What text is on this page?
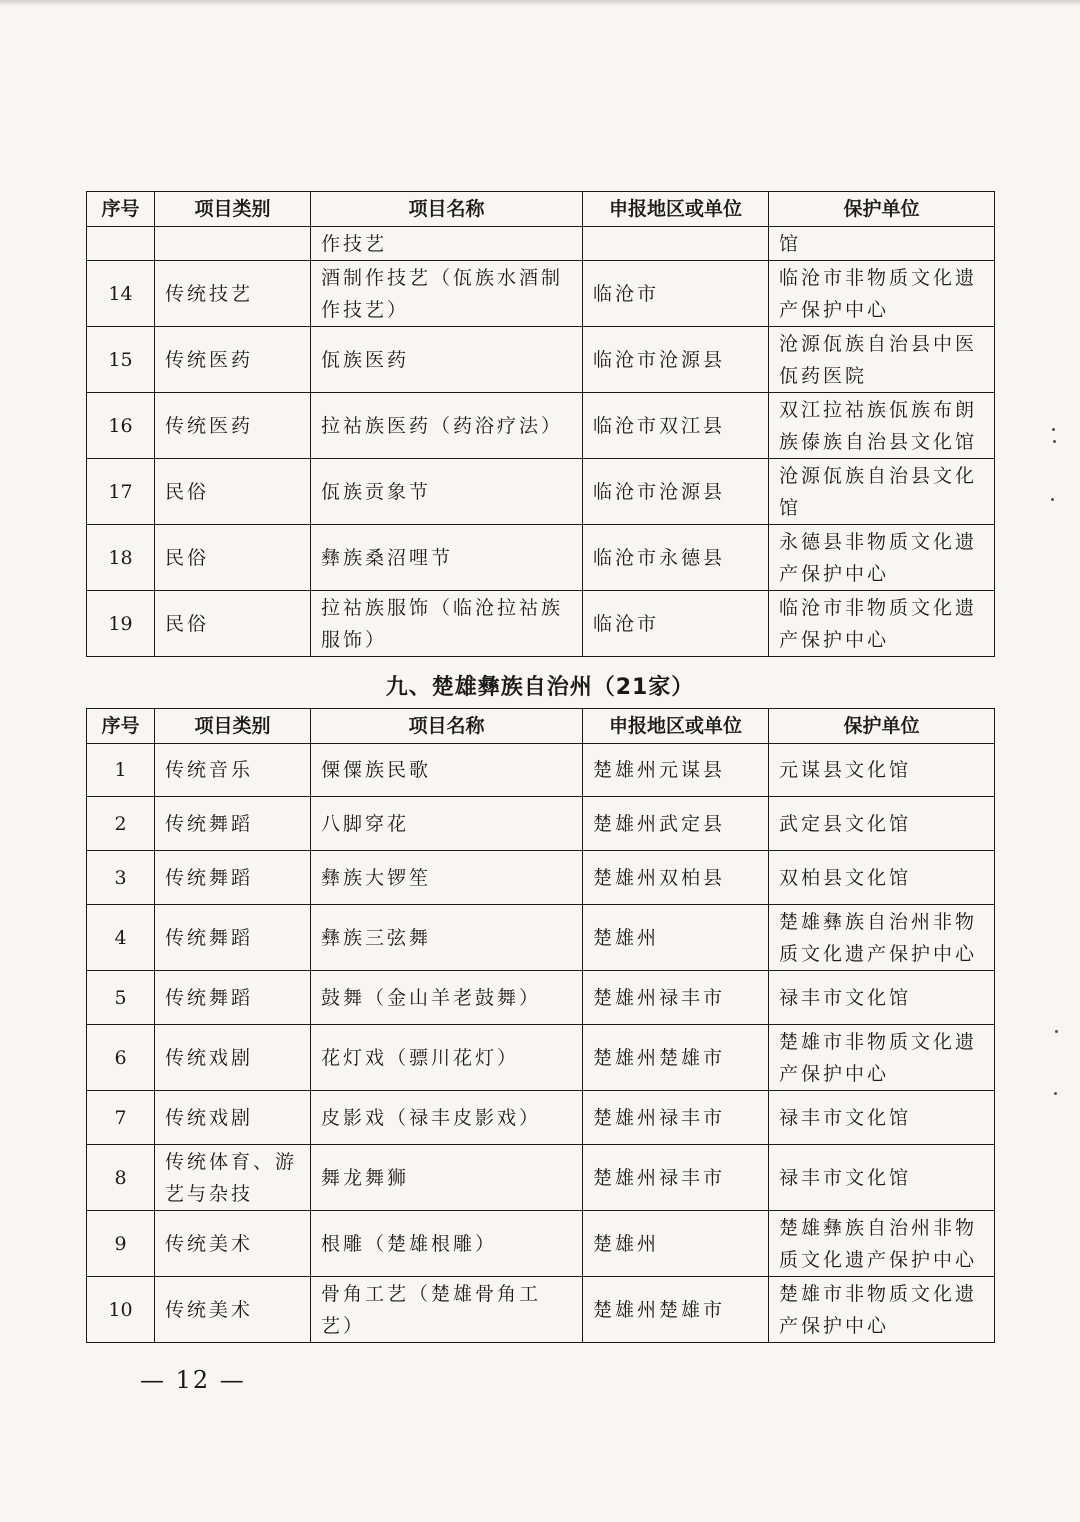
序号	项目类别	项目名称	申报地区或单位	保护单位
		作技艺		馆
14	传统技艺	酒制作技艺（佤族水酒制作技艺）	临沧市	临沧市非物质文化遗产保护中心
15	传统医药	佤族医药	临沧市沧源县	沧源佤族自治县中医佤药医院
16	传统医药	拉祜族医药（药浴疗法）	临沧市双江县	双江拉祜族佤族布朗族傣族自治县文化馆
17	民俗	佤族贡象节	临沧市沧源县	沧源佤族自治县文化馆
18	民俗	彝族桑沼哩节	临沧市永德县	永德县非物质文化遗产保护中心
19	民俗	拉祜族服饰（临沧拉祜族服饰）	临沧市	临沧市非物质文化遗产保护中心
九、楚雄彝族自治州（21家）
序号	项目类别	项目名称	申报地区或单位	保护单位
1	传统音乐	傈僳族民歌	楚雄州元谋县	元谋县文化馆
2	传统舞蹈	八脚穿花	楚雄州武定县	武定县文化馆
3	传统舞蹈	彝族大锣笙	楚雄州双柏县	双柏县文化馆
4	传统舞蹈	彝族三弦舞	楚雄州	楚雄彝族自治州非物质文化遗产保护中心
5	传统舞蹈	鼓舞（金山羊老鼓舞）	楚雄州禄丰市	禄丰市文化馆
6	传统戏剧	花灯戏（骠川花灯）	楚雄州楚雄市	楚雄市非物质文化遗产保护中心
7	传统戏剧	皮影戏（禄丰皮影戏）	楚雄州禄丰市	禄丰市文化馆
8	传统体育、游艺与杂技	舞龙舞狮	楚雄州禄丰市	禄丰市文化馆
9	传统美术	根雕（楚雄根雕）	楚雄州	楚雄彝族自治州非物质文化遗产保护中心
10	传统美术	骨角工艺（楚雄骨角工艺）	楚雄州楚雄市	楚雄市非物质文化遗产保护中心
— 12 —
